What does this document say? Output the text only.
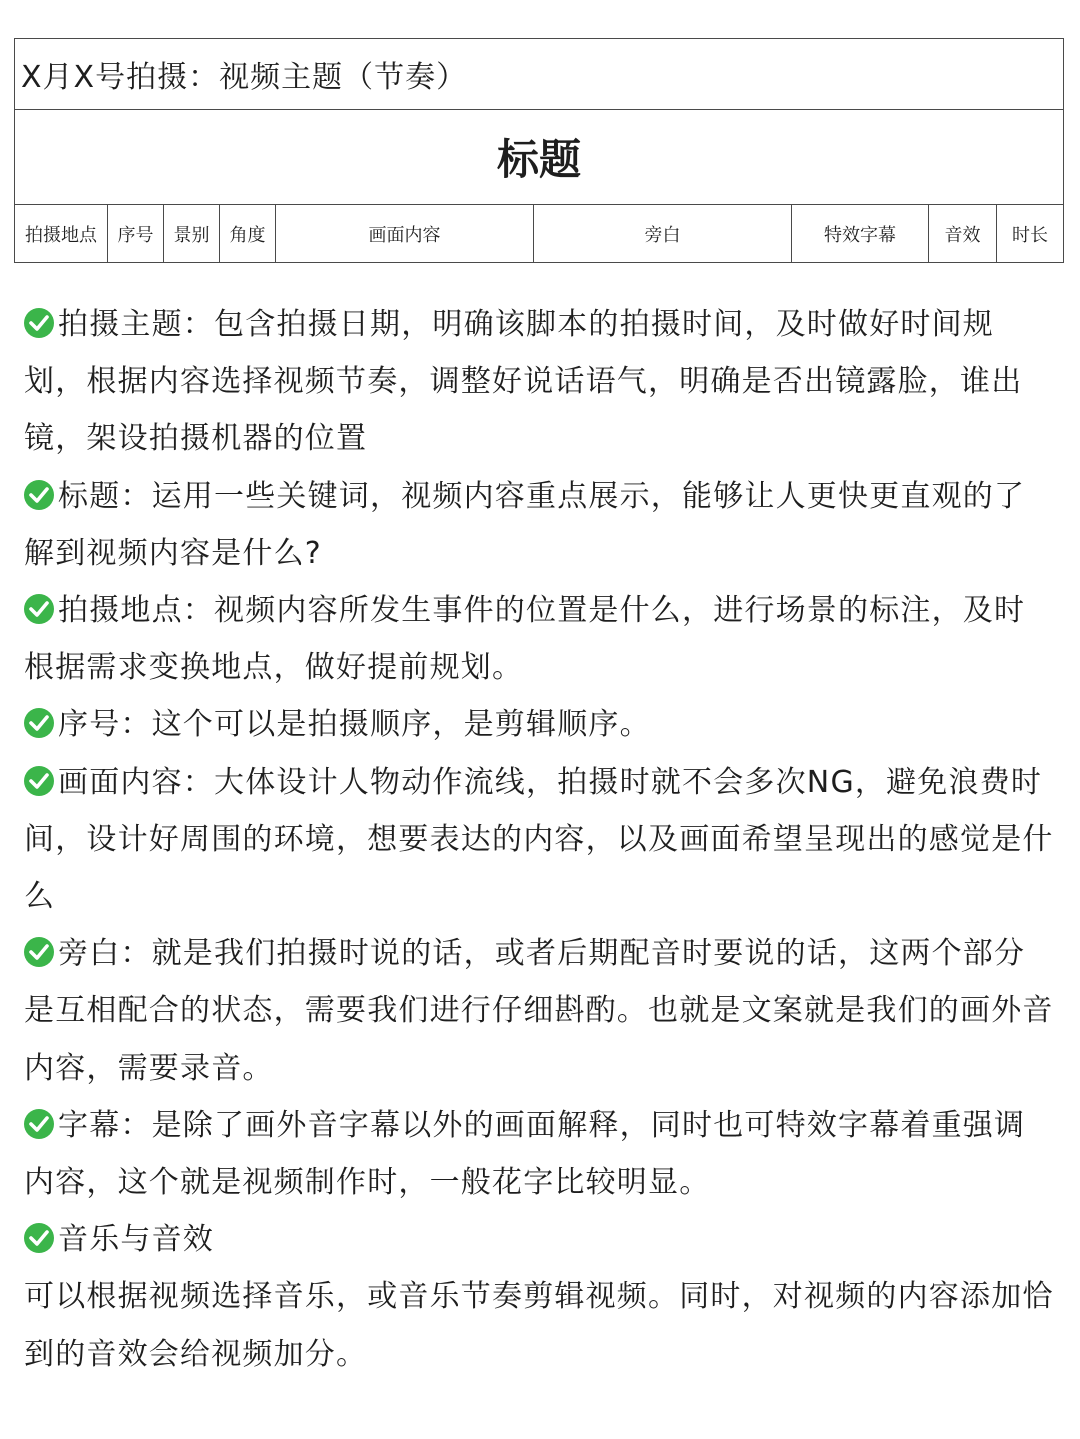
X月X号拍摄：视频主题（节奏）
标题
拍摄地点	序号	景别	角度	画面内容	旁白	特效字幕	音效	时长

拍摄主题：包含拍摄日期，明确该脚本的拍摄时间，及时做好时间规划，根据内容选择视频节奏，调整好说话语气，明确是否出镜露脸，谁出镜，架设拍摄机器的位置

标题：运用一些关键词，视频内容重点展示，能够让人更快更直观的了解到视频内容是什么?

拍摄地点：视频内容所发生事件的位置是什么，进行场景的标注，及时根据需求变换地点，做好提前规划。

序号：这个可以是拍摄顺序，是剪辑顺序。

画面内容：大体设计人物动作流线，拍摄时就不会多次NG，避免浪费时间，设计好周围的环境，想要表达的内容，以及画面希望呈现出的感觉是什么

旁白：就是我们拍摄时说的话，或者后期配音时要说的话，这两个部分是互相配合的状态，需要我们进行仔细斟酌。也就是文案就是我们的画外音内容，需要录音。

字幕：是除了画外音字幕以外的画面解释，同时也可特效字幕着重强调内容，这个就是视频制作时，一般花字比较明显。

音乐与音效

可以根据视频选择音乐，或音乐节奏剪辑视频。同时，对视频的内容添加恰到的音效会给视频加分。
